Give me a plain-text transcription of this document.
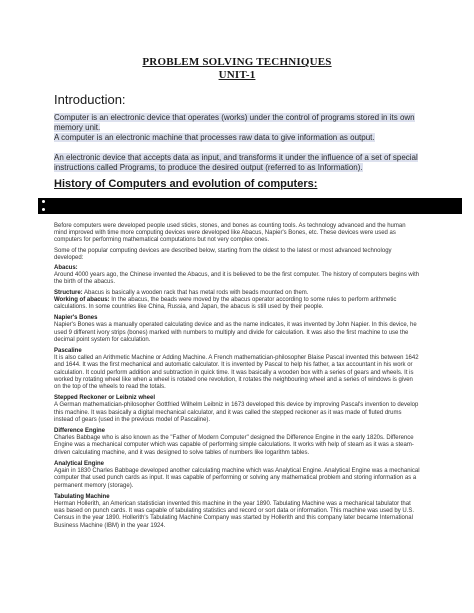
PROBLEM SOLVING TECHNIQUES
UNIT-1
Introduction:
Computer is an electronic device that operates (works) under the control of programs stored in its own memory unit.
A computer is an electronic machine that processes raw data to give information as output.
An electronic device that accepts data as input, and transforms it under the influence of a set of special instructions called Programs, to produce the desired output (referred to as Information).
History of Computers and evolution of computers:

Before computers were developed people used sticks, stones, and bones as counting tools. As technology advanced and the human mind improved with time more computing devices were developed like Abacus, Napier's Bones, etc. These devices were used as computers for performing mathematical computations but not very complex ones.

Some of the popular computing devices are described below, starting from the oldest to the latest or most advanced technology developed:

Abacus:

Around 4000 years ago, the Chinese invented the Abacus, and it is believed to be the first computer. The history of computers begins with the birth of the abacus.

Structure: Abacus is basically a wooden rack that has metal rods with beads mounted on them.

Working of abacus: In the abacus, the beads were moved by the abacus operator according to some rules to perform arithmetic calculations. In some countries like China, Russia, and Japan, the abacus is still used by their people.

Napier's Bones

Napier's Bones was a manually operated calculating device and as the name indicates, it was invented by John Napier. In this device, he used 9 different ivory strips (bones) marked with numbers to multiply and divide for calculation. It was also the first machine to use the decimal point system for calculation.

Pascaline

It is also called an Arithmetic Machine or Adding Machine. A French mathematician-philosopher Blaise Pascal invented this between 1642 and 1644. It was the first mechanical and automatic calculator. It is invented by Pascal to help his father, a tax accountant in his work or calculation. It could perform addition and subtraction in quick time. It was basically a wooden box with a series of gears and wheels. It is worked by rotating wheel like when a wheel is rotated one revolution, it rotates the neighbouring wheel and a series of windows is given on the top of the wheels to read the totals.

Stepped Reckoner or Leibniz wheel

A German mathematician-philosopher Gottfried Wilhelm Leibniz in 1673 developed this device by improving Pascal's invention to develop this machine. It was basically a digital mechanical calculator, and it was called the stepped reckoner as it was made of fluted drums instead of gears (used in the previous model of Pascaline).

Difference Engine

Charles Babbage who is also known as the "Father of Modern Computer" designed the Difference Engine in the early 1820s. Difference Engine was a mechanical computer which was capable of performing simple calculations. It works with help of steam as it was a steam-driven calculating machine, and it was designed to solve tables of numbers like logarithm tables.

Analytical Engine

Again in 1830 Charles Babbage developed another calculating machine which was Analytical Engine. Analytical Engine was a mechanical computer that used punch cards as input. It was capable of performing or solving any mathematical problem and storing information as a permanent memory (storage).

Tabulating Machine

Herman Hollerith, an American statistician invented this machine in the year 1890. Tabulating Machine was a mechanical tabulator that was based on punch cards. It was capable of tabulating statistics and record or sort data or information. This machine was used by U.S. Census in the year 1890. Hollerith's Tabulating Machine Company was started by Hollerith and this company later became International Business Machine (IBM) in the year 1924.
